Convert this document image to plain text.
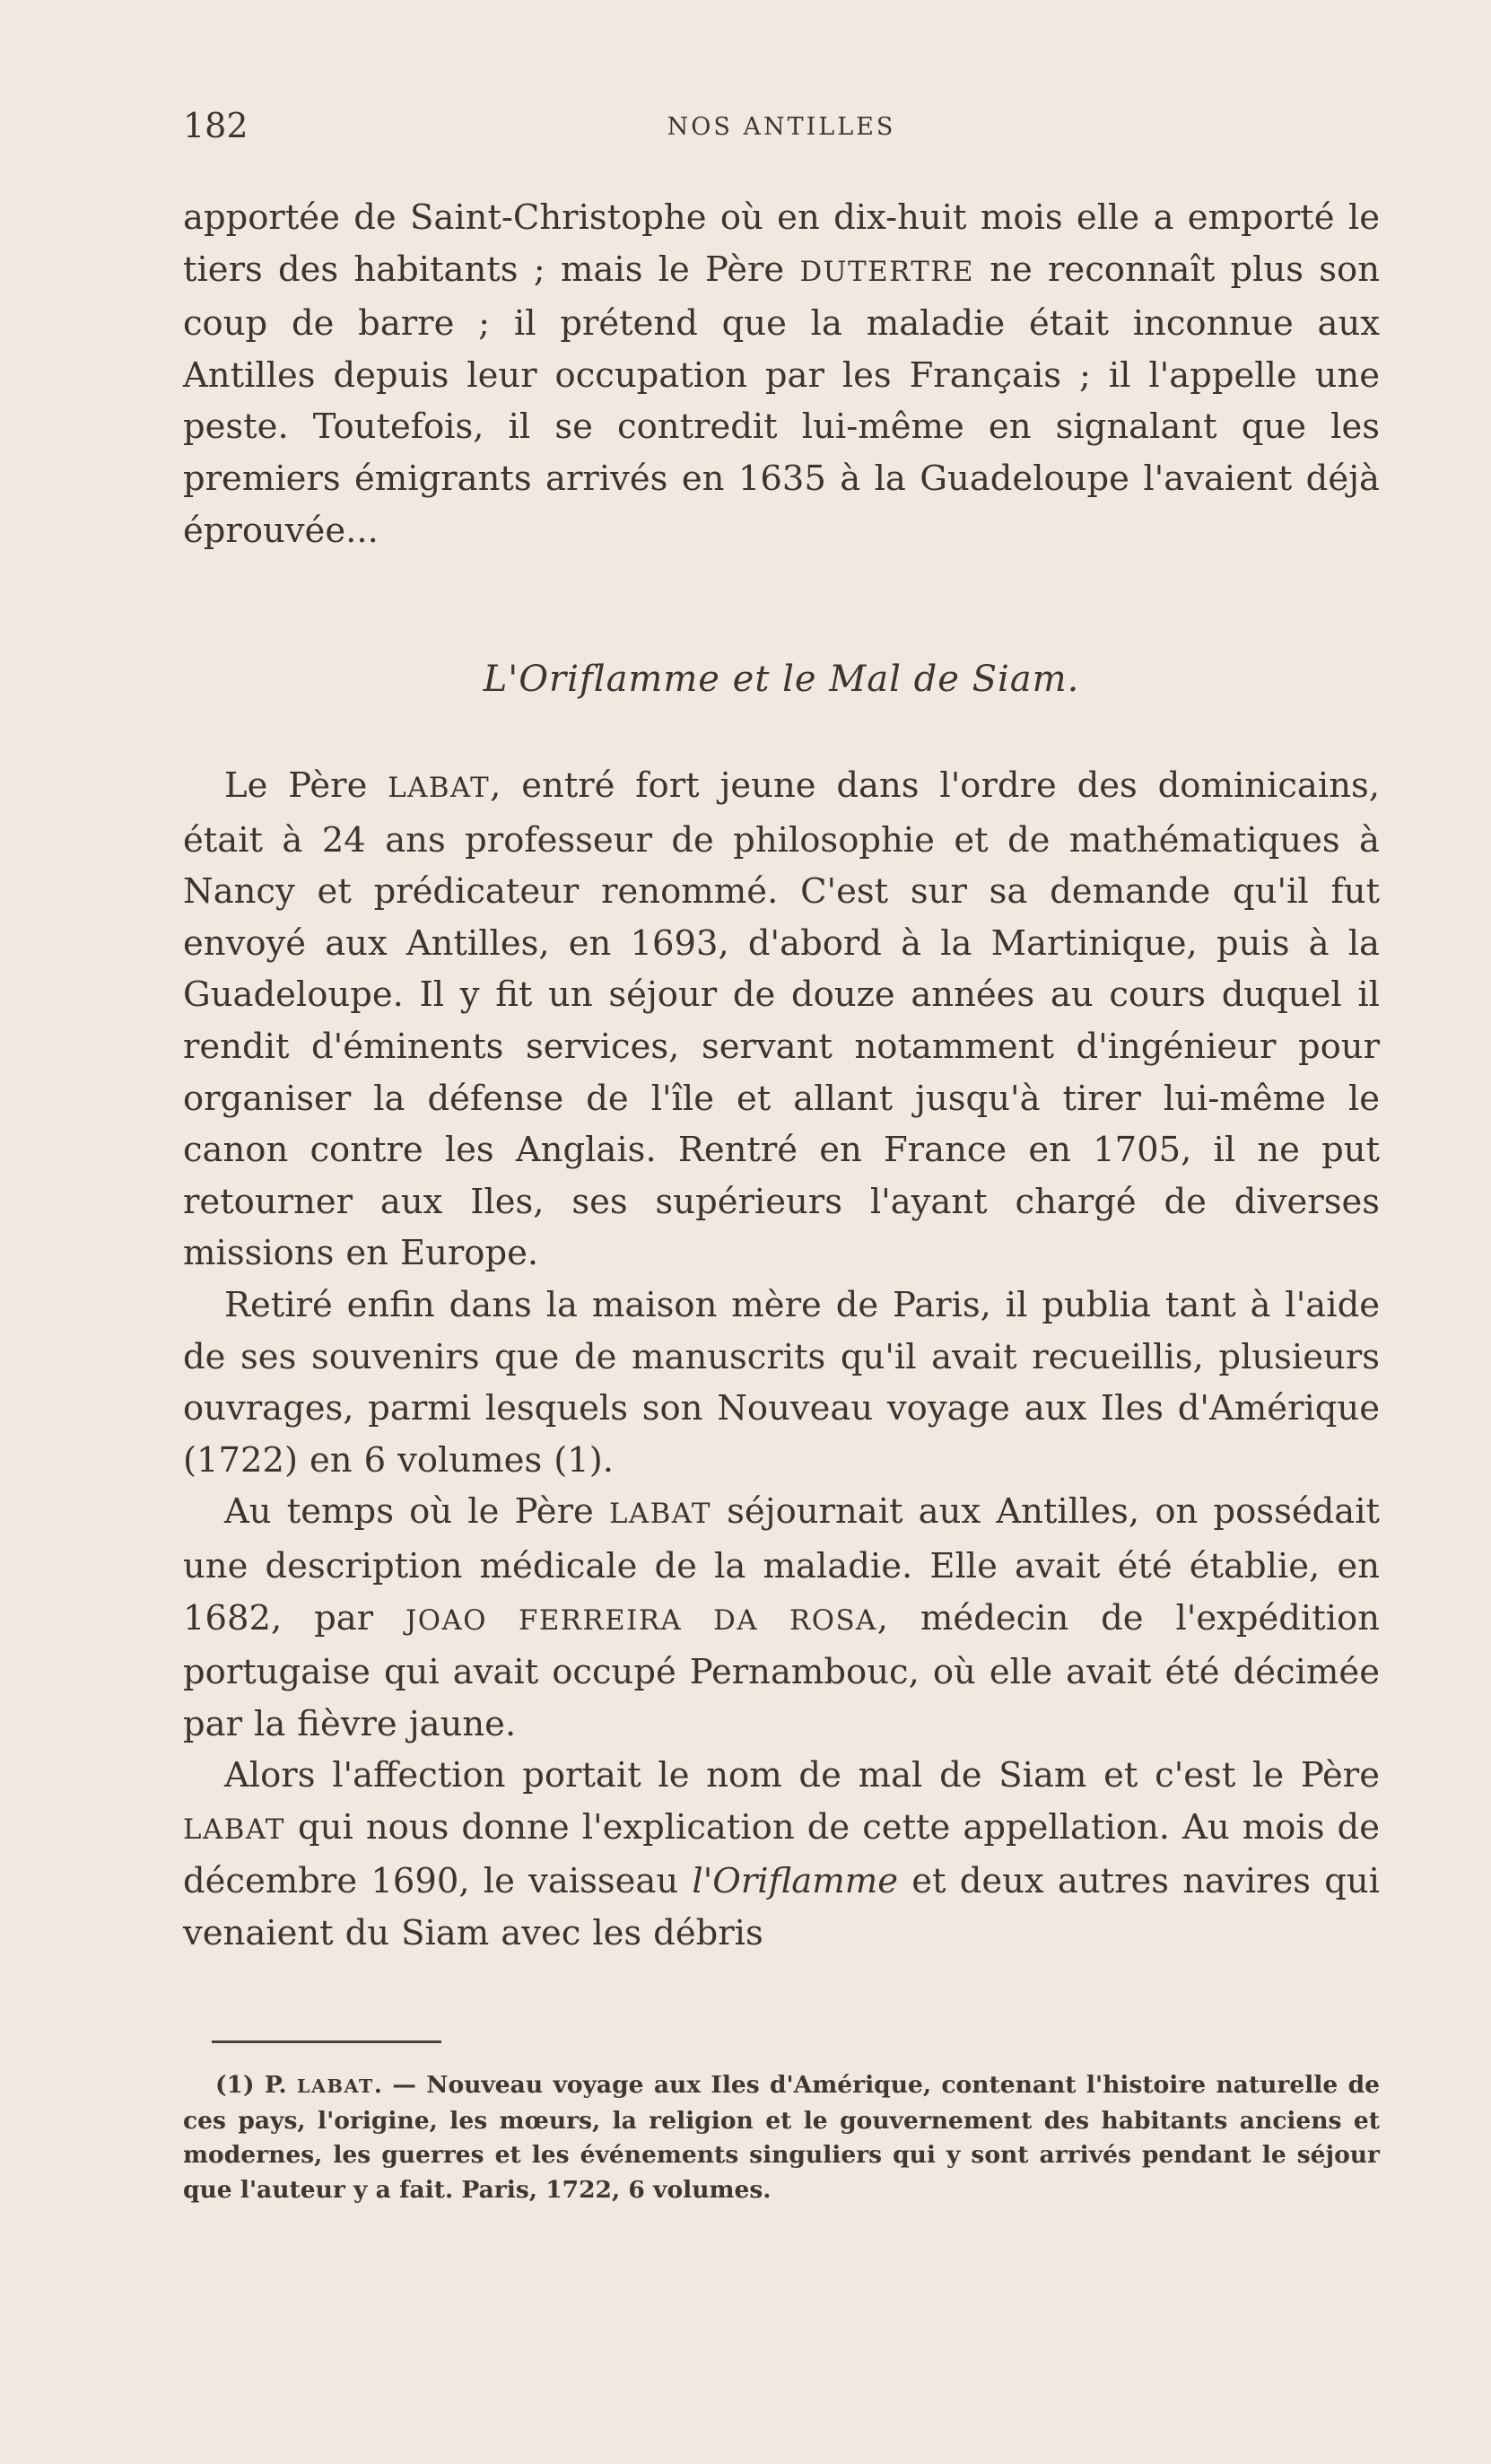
182	NOS ANTILLES

apportée de Saint-Christophe où en dix-huit mois elle a emporté le tiers des habitants ; mais le Père DUTERTRE ne reconnaît plus son coup de barre ; il prétend que la maladie était inconnue aux Antilles depuis leur occupation par les Français ; il l'appelle une peste. Toutefois, il se contredit lui-même en signalant que les premiers émigrants arrivés en 1635 à la Guadeloupe l'avaient déjà éprouvée...

L'Oriflamme et le Mal de Siam.

Le Père LABAT, entré fort jeune dans l'ordre des dominicains, était à 24 ans professeur de philosophie et de mathématiques à Nancy et prédicateur renommé. C'est sur sa demande qu'il fut envoyé aux Antilles, en 1693, d'abord à la Martinique, puis à la Guadeloupe. Il y fit un séjour de douze années au cours duquel il rendit d'éminents services, servant notamment d'ingénieur pour organiser la défense de l'île et allant jusqu'à tirer lui-même le canon contre les Anglais. Rentré en France en 1705, il ne put retourner aux Iles, ses supérieurs l'ayant chargé de diverses missions en Europe.

Retiré enfin dans la maison mère de Paris, il publia tant à l'aide de ses souvenirs que de manuscrits qu'il avait recueillis, plusieurs ouvrages, parmi lesquels son Nouveau voyage aux Iles d'Amérique (1722) en 6 volumes (1).

Au temps où le Père LABAT séjournait aux Antilles, on possédait une description médicale de la maladie. Elle avait été établie, en 1682, par JOAO FERREIRA DA ROSA, médecin de l'expédition portugaise qui avait occupé Pernambouc, où elle avait été décimée par la fièvre jaune.

Alors l'affection portait le nom de mal de Siam et c'est le Père LABAT qui nous donne l'explication de cette appellation. Au mois de décembre 1690, le vaisseau l'Oriflamme et deux autres navires qui venaient du Siam avec les débris

(1) P. LABAT. — Nouveau voyage aux Iles d'Amérique, contenant l'histoire naturelle de ces pays, l'origine, les mœurs, la religion et le gouvernement des habitants anciens et modernes, les guerres et les événements singuliers qui y sont arrivés pendant le séjour que l'auteur y a fait. Paris, 1722, 6 volumes.
